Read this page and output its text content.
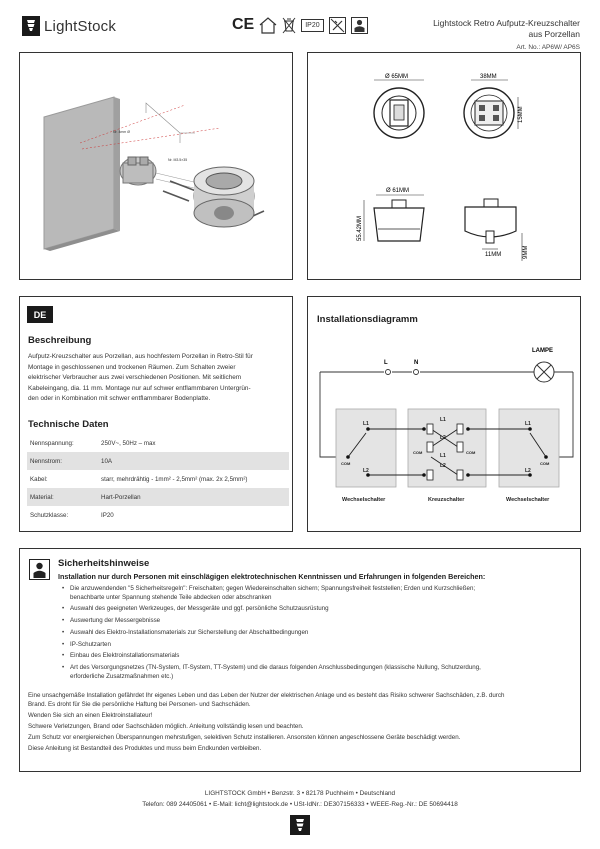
LightStock	CE	IP20	Lightstock Retro Aufputz-Kreuzschalter
aus Porzellan
Art. No.: AP6W/ AP6S
Nr. 4mm Ø
Nr. M3.5×35
Ø 65MM	38MM
15MM
Ø 61MM
55.42MM
11MM	9MM
DE
Beschreibung
Aufputz-Kreuzschalter aus Porzellan, aus hochfestem Porzellan in Retro-Stil für
Montage in geschlossenen und trockenen Räumen. Zum Schalten zweier
elektrischer Verbraucher aus zwei verschiedenen Positionen. Mit seitlichem
Kabeleingang, dia. 11 mm. Montage nur auf schwer entflammbaren Untergrün-
den oder in Kombination mit schwer entflammbarer Bodenplatte.
Technische Daten
Nennspannung:	250V~, 50Hz – max
Nennstrom:	10A
Kabel:	starr, mehrdrähtig - 1mm² - 2,5mm² (max. 2x 2,5mm²)
Material:	Hart-Porzellan
Schutzklasse:	IP20
Installationsdiagramm
L	N
LAMPE
L1
L2
COM
L1
L2
L1
L2
COM	COM
L1
L2
COM
Wechselschalter	Kreuzschalter	Wechselschalter
Sicherheitshinweise
Installation nur durch Personen mit einschlägigen elektrotechnischen Kenntnissen und Erfahrungen in folgenden Bereichen:
• Die anzuwendenden "5 Sicherheitsregeln": Freischalten; gegen Wiedereinschalten sichern; Spannungsfreiheit feststellen; Erden und Kurzschließen;
benachbarte unter Spannung stehende Teile abdecken oder abschranken
• Auswahl des geeigneten Werkzeuges, der Messgeräte und ggf. persönliche Schutzausrüstung
• Auswertung der Messergebnisse
• Auswahl des Elektro-Installationsmaterials zur Sicherstellung der Abschaltbedingungen
• IP-Schutzarten
• Einbau des Elektroinstallationsmaterials
• Art des Versorgungsnetzes (TN-System, IT-System, TT-System) und die daraus folgenden Anschlussbedingungen (klassische Nullung, Schutzerdung,
erforderliche Zusatzmaßnahmen etc.)

Eine unsachgemäße Installation gefährdet Ihr eigenes Leben und das Leben der Nutzer der elektrischen Anlage und es besteht das Risiko schwerer Sachschäden, z.B. durch
Brand. Es droht für Sie die persönliche Haftung bei Personen- und Sachschäden.

Wenden Sie sich an einen Elektroinstallateur!

Schwere Verletzungen, Brand oder Sachschäden möglich. Anleitung vollständig lesen und beachten.

Zum Schutz vor energiereichen Überspannungen mehrstufigen, selektiven Schutz installieren. Ansonsten können angeschlossene Geräte beschädigt werden.

Diese Anleitung ist Bestandteil des Produktes und muss beim Endkunden verbleiben.

LIGHTSTOCK GmbH • Benzstr. 3 • 82178 Puchheim • Deutschland
Telefon: 089 24405061 • E-Mail: licht@lightstock.de • USt-IdNr.: DE307156333 • WEEE-Reg.-Nr.: DE 50694418
